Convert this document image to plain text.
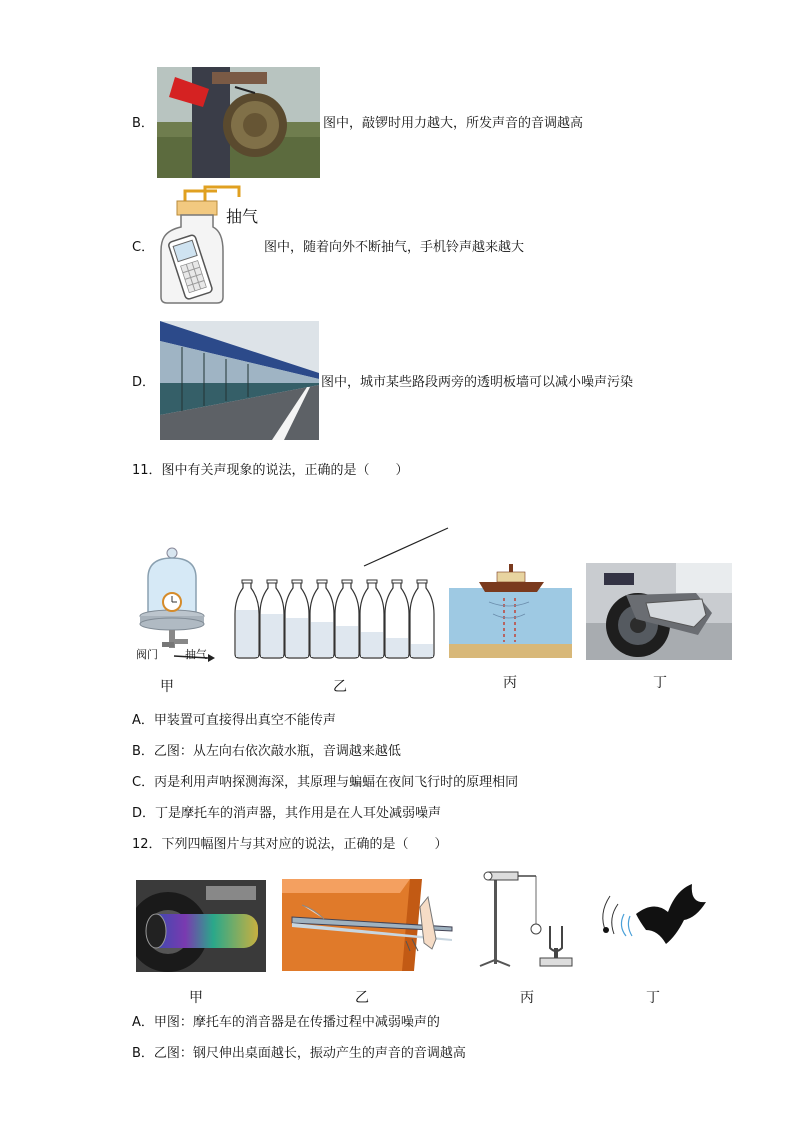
B．	图中，敲锣时用力越大，所发声音的音调越高
C．
抽气
图中，随着向外不断抽气，手机铃声越来越大
D．	图中，城市某些路段两旁的透明板墙可以减小噪声污染
11．图中有关声现象的说法，正确的是（　　）
阀门 抽气
甲	乙	丙	丁
A．甲装置可直接得出真空不能传声
B．乙图：从左向右依次敲水瓶，音调越来越低
C．丙是利用声呐探测海深，其原理与蝙蝠在夜间飞行时的原理相同
D．丁是摩托车的消声器，其作用是在人耳处减弱噪声
12．下列四幅图片与其对应的说法，正确的是（　　）
甲	乙	丙	丁
A．甲图：摩托车的消音器是在传播过程中减弱噪声的
B．乙图：钢尺伸出桌面越长，振动产生的声音的音调越高
